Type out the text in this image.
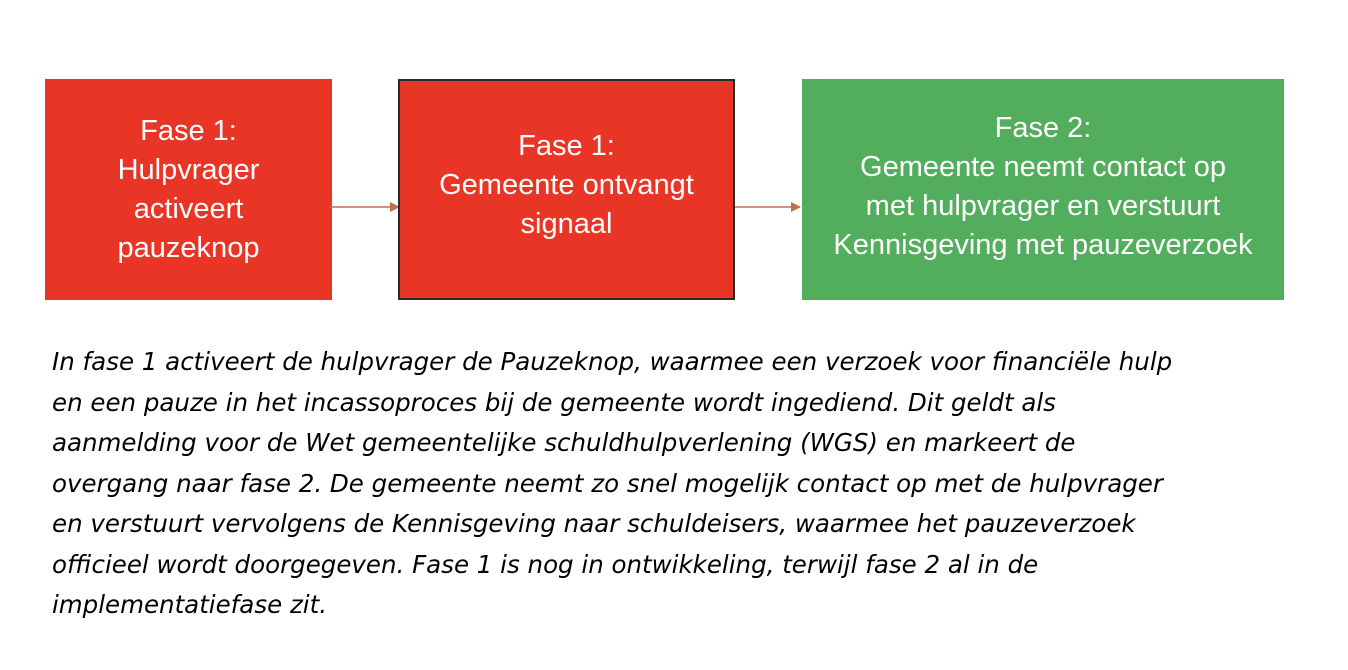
Fase 1:
Hulpvrager
activeert
pauzeknop
Fase 1:
Gemeente ontvangt
signaal
Fase 2:
Gemeente neemt contact op
met hulpvrager en verstuurt
Kennisgeving met pauzeverzoek
In fase 1 activeert de hulpvrager de Pauzeknop, waarmee een verzoek voor financiële hulp
en een pauze in het incassoproces bij de gemeente wordt ingediend. Dit geldt als
aanmelding voor de Wet gemeentelijke schuldhulpverlening (WGS) en markeert de
overgang naar fase 2. De gemeente neemt zo snel mogelijk contact op met de hulpvrager
en verstuurt vervolgens de Kennisgeving naar schuldeisers, waarmee het pauzeverzoek
officieel wordt doorgegeven. Fase 1 is nog in ontwikkeling, terwijl fase 2 al in de
implementatiefase zit.
